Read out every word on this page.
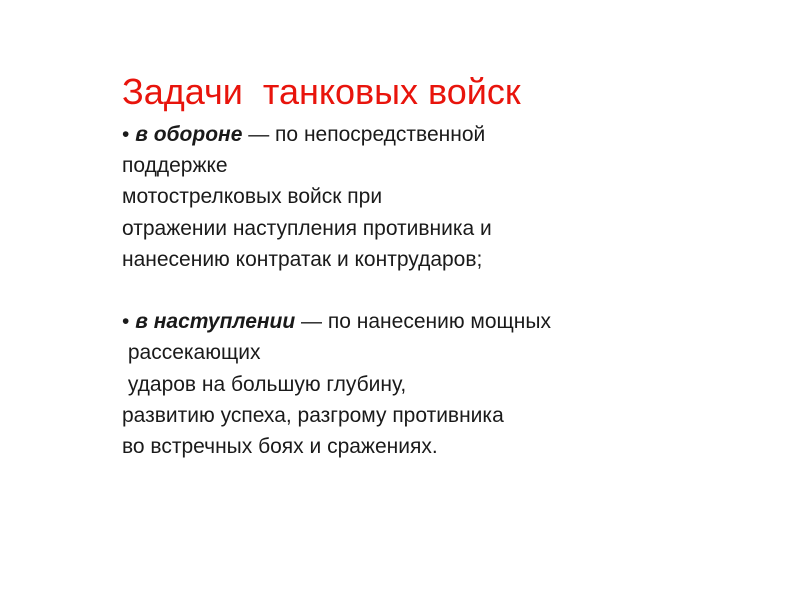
Задачи  танковых войск
• в обороне — по непосредственной
поддержке
мотострелковых войск при
отражении наступления противника и
нанесению контратак и контрударов;
• в наступлении — по нанесению мощных
рассекающих
ударов на большую глубину,
развитию успеха, разгрому противника
во встречных боях и сражениях.
